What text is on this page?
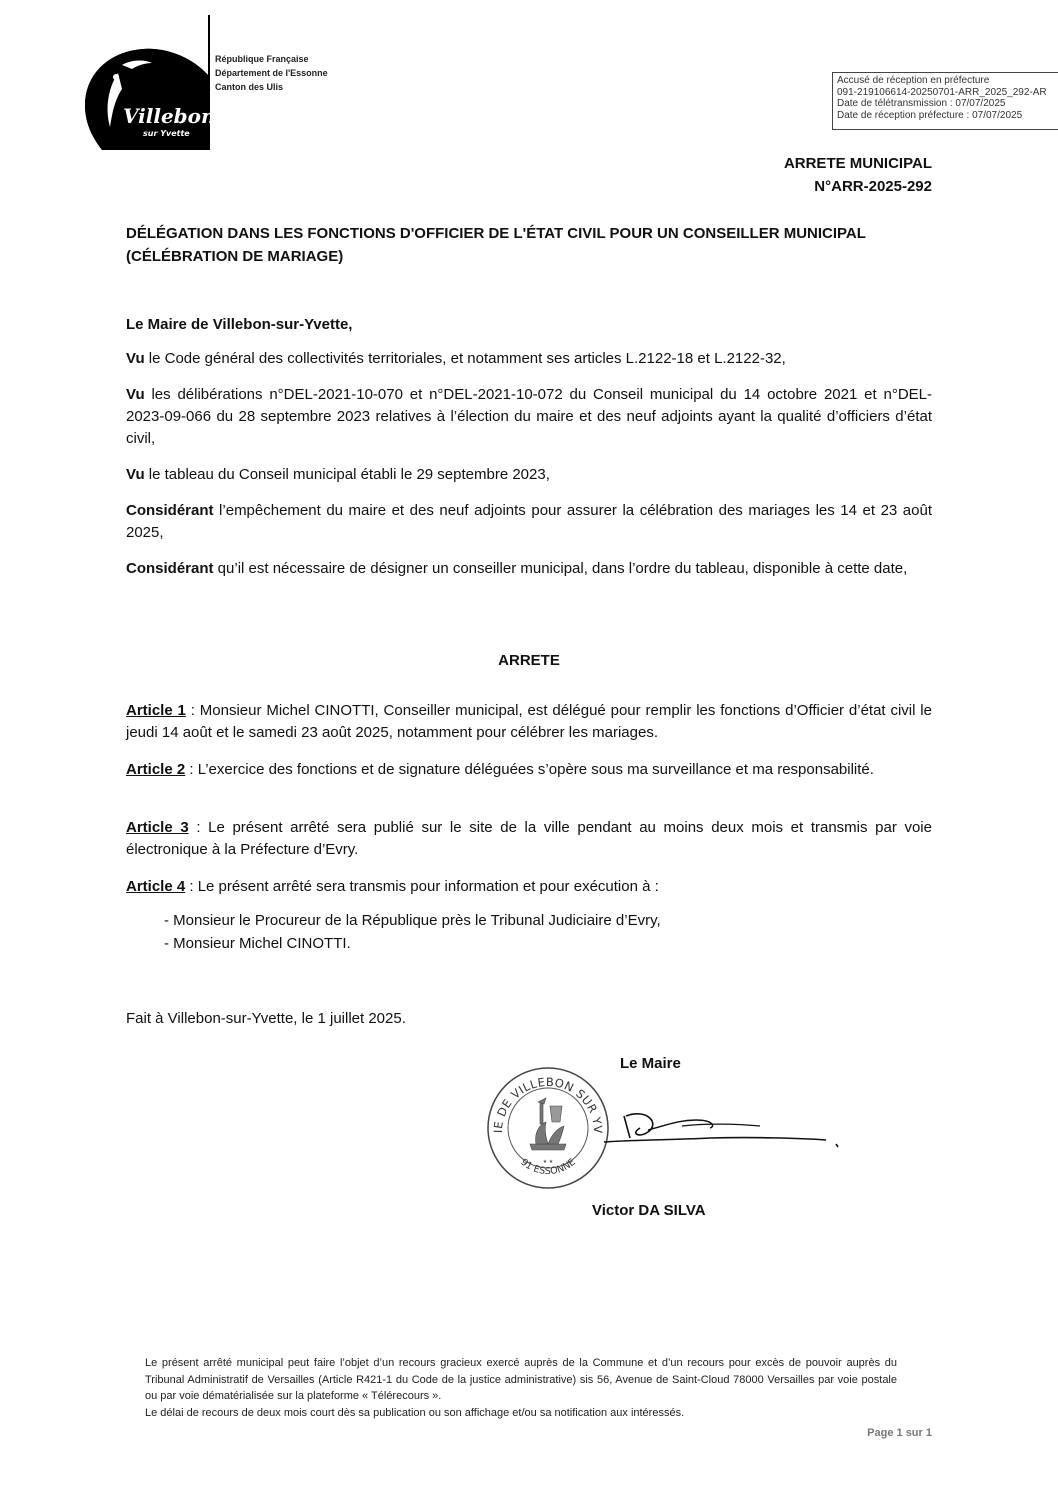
Villebon
sur Yvette
République Française
Département de l'Essonne
Canton des Ulis
Accusé de réception en préfecture
091-219106614-20250701-ARR_2025_292-AR
Date de télétransmission : 07/07/2025
Date de réception préfecture : 07/07/2025
ARRETE MUNICIPAL
N°ARR-2025-292
DÉLÉGATION DANS LES FONCTIONS D'OFFICIER DE L'ÉTAT CIVIL POUR UN CONSEILLER MUNICIPAL
(CÉLÉBRATION DE MARIAGE)
Le Maire de Villebon-sur-Yvette,
Vu le Code général des collectivités territoriales, et notamment ses articles L.2122-18 et L.2122-32,
Vu les délibérations n°DEL-2021-10-070 et n°DEL-2021-10-072 du Conseil municipal du 14 octobre 2021 et n°DEL-2023-09-066 du 28 septembre 2023 relatives à l’élection du maire et des neuf adjoints ayant la qualité d’officiers d’état civil,
Vu le tableau du Conseil municipal établi le 29 septembre 2023,
Considérant l’empêchement du maire et des neuf adjoints pour assurer la célébration des mariages les 14 et 23 août 2025,
Considérant qu’il est nécessaire de désigner un conseiller municipal, dans l’ordre du tableau, disponible à cette date,
ARRETE
Article 1 : Monsieur Michel CINOTTI, Conseiller municipal, est délégué pour remplir les fonctions d’Officier d’état civil le jeudi 14 août et le samedi 23 août 2025, notamment pour célébrer les mariages.
Article 2 : L’exercice des fonctions et de signature déléguées s’opère sous ma surveillance et ma responsabilité.
Article 3 : Le présent arrêté sera publié sur le site de la ville pendant au moins deux mois et transmis par voie électronique à la Préfecture d’Evry.
Article 4 : Le présent arrêté sera transmis pour information et pour exécution à :
- Monsieur le Procureur de la République près le Tribunal Judiciaire d’Evry,
- Monsieur Michel CINOTTI.
Fait à Villebon-sur-Yvette, le 1 juillet 2025.
Le Maire
IE DE VILLEBON SUR YV
91 ESSONNE
★ ★
Victor DA SILVA
Le présent arrêté municipal peut faire l’objet d’un recours gracieux exercé auprès de la Commune et d’un recours pour excès de pouvoir auprès du Tribunal Administratif de Versailles (Article R421-1 du Code de la justice administrative) sis 56, Avenue de Saint-Cloud 78000 Versailles par voie postale ou par voie dématérialisée sur la plateforme « Télérecours ».
Le délai de recours de deux mois court dès sa publication ou son affichage et/ou sa notification aux intéressés.
Page 1 sur 1
